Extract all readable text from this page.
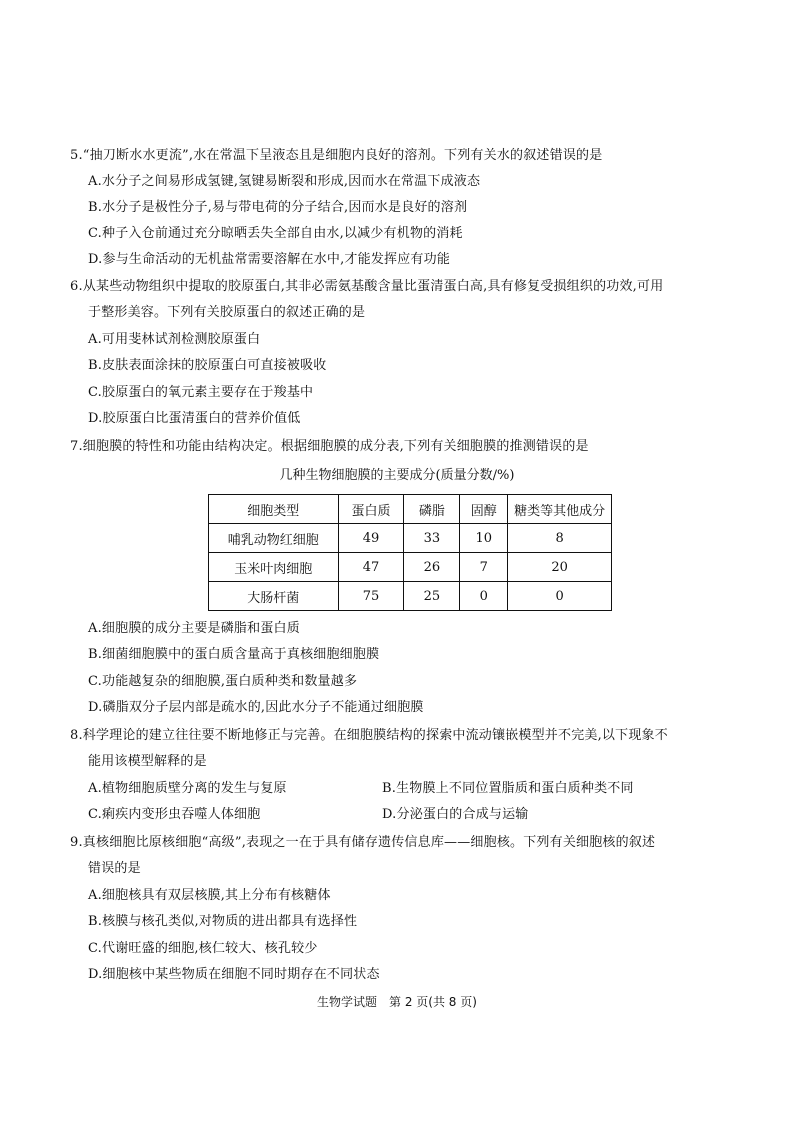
5.“抽刀断水水更流”,水在常温下呈液态且是细胞内良好的溶剂。下列有关水的叙述错误的是
A.水分子之间易形成氢键,氢键易断裂和形成,因而水在常温下成液态
B.水分子是极性分子,易与带电荷的分子结合,因而水是良好的溶剂
C.种子入仓前通过充分晾晒丢失全部自由水,以减少有机物的消耗
D.参与生命活动的无机盐常需要溶解在水中,才能发挥应有功能
6.从某些动物组织中提取的胶原蛋白,其非必需氨基酸含量比蛋清蛋白高,具有修复受损组织的功效,可用
于整形美容。下列有关胶原蛋白的叙述正确的是
A.可用斐林试剂检测胶原蛋白
B.皮肤表面涂抹的胶原蛋白可直接被吸收
C.胶原蛋白的氧元素主要存在于羧基中
D.胶原蛋白比蛋清蛋白的营养价值低
7.细胞膜的特性和功能由结构决定。根据细胞膜的成分表,下列有关细胞膜的推测错误的是
几种生物细胞膜的主要成分(质量分数/%)
细胞类型	蛋白质	磷脂	固醇	糖类等其他成分
哺乳动物红细胞	49	33	10	8
玉米叶肉细胞	47	26	7	20
大肠杆菌	75	25	0	0
A.细胞膜的成分主要是磷脂和蛋白质
B.细菌细胞膜中的蛋白质含量高于真核细胞细胞膜
C.功能越复杂的细胞膜,蛋白质种类和数量越多
D.磷脂双分子层内部是疏水的,因此水分子不能通过细胞膜
8.科学理论的建立往往要不断地修正与完善。在细胞膜结构的探索中流动镶嵌模型并不完美,以下现象不
能用该模型解释的是
A.植物细胞质壁分离的发生与复原	B.生物膜上不同位置脂质和蛋白质种类不同
C.痢疾内变形虫吞噬人体细胞	D.分泌蛋白的合成与运输
9.真核细胞比原核细胞“高级”,表现之一在于具有储存遗传信息库——细胞核。下列有关细胞核的叙述
错误的是
A.细胞核具有双层核膜,其上分布有核糖体
B.核膜与核孔类似,对物质的进出都具有选择性
C.代谢旺盛的细胞,核仁较大、核孔较少
D.细胞核中某些物质在细胞不同时期存在不同状态
生物学试题　第 2 页(共 8 页)
